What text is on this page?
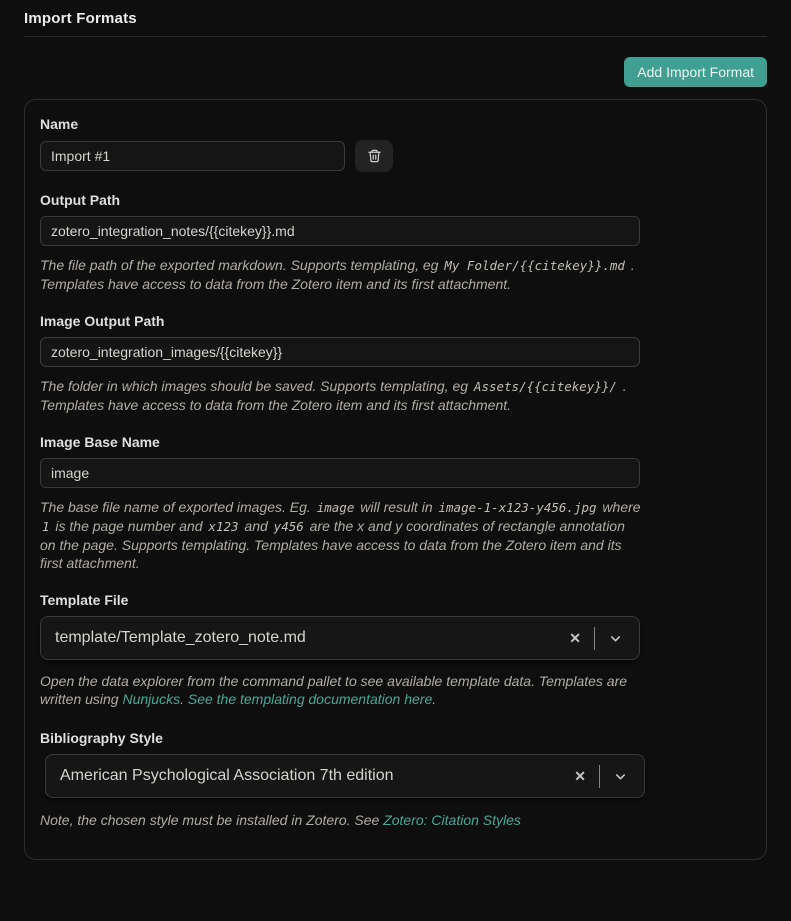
Import Formats
Add Import Format
Name
Import #1
Output Path
zotero_integration_notes/{{citekey}}.md
The file path of the exported markdown. Supports templating, eg My Folder/{{citekey}}.md . Templates have access to data from the Zotero item and its first attachment.
Image Output Path
zotero_integration_images/{{citekey}}
The folder in which images should be saved. Supports templating, eg Assets/{{citekey}}/ . Templates have access to data from the Zotero item and its first attachment.
Image Base Name
image
The base file name of exported images. Eg. image will result in image-1-x123-y456.jpg where 1 is the page number and x123 and y456 are the x and y coordinates of rectangle annotation on the page. Supports templating. Templates have access to data from the Zotero item and its first attachment.
Template File
template/Template_zotero_note.md	✕
Open the data explorer from the command pallet to see available template data. Templates are written using Nunjucks. See the templating documentation here.
Bibliography Style
American Psychological Association 7th edition	✕
Note, the chosen style must be installed in Zotero. See Zotero: Citation Styles
